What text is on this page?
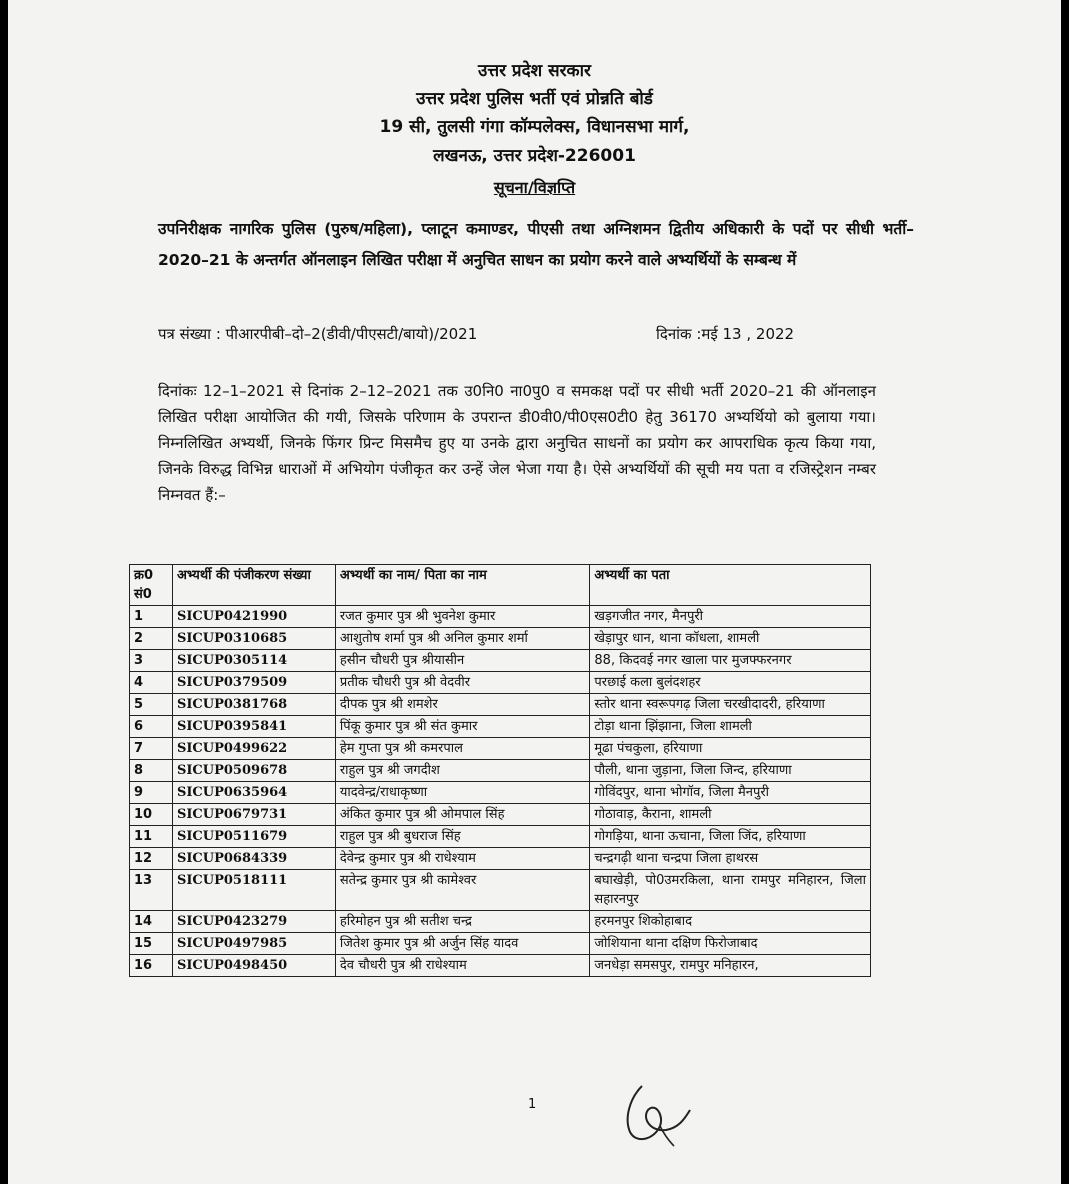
उत्तर प्रदेश सरकार
उत्तर प्रदेश पुलिस भर्ती एवं प्रोन्नति बोर्ड
19 सी, तुलसी गंगा कॉम्पलेक्स, विधानसभा मार्ग,
लखनऊ, उत्तर प्रदेश-226001
सूचना/विज्ञप्ति
उपनिरीक्षक नागरिक पुलिस (पुरुष/महिला), प्लाटून कमाण्डर, पीएसी तथा अग्निशमन द्वितीय अधिकारी के पदों पर सीधी भर्ती–2020–21 के अन्तर्गत ऑनलाइन लिखित परीक्षा में अनुचित साधन का प्रयोग करने वाले अभ्यर्थियों के सम्बन्ध में
पत्र संख्या : पीआरपीबी–दो–2(डीवी/पीएसटी/बायो)/2021	दिनांक :मई 13 , 2022
दिनांकः 12–1–2021 से दिनांक 2–12–2021 तक उ0नि0 ना0पु0 व समकक्ष पदों पर सीधी भर्ती 2020–21 की ऑनलाइन लिखित परीक्षा आयोजित की गयी, जिसके परिणाम के उपरान्त डी0वी0/पी0एस0टी0 हेतु 36170 अभ्यर्थियो को बुलाया गया। निम्नलिखित अभ्यर्थी, जिनके फिंगर प्रिन्ट मिसमैच हुए या उनके द्वारा अनुचित साधनों का प्रयोग कर आपराधिक कृत्य किया गया, जिनके विरुद्ध विभिन्न धाराओं में अभियोग पंजीकृत कर उन्हें जेल भेजा गया है। ऐसे अभ्यर्थियों की सूची मय पता व रजिस्ट्रेशन नम्बर निम्नवत हैं:–
क्र0 सं0	अभ्यर्थी की पंजीकरण संख्या	अभ्यर्थी का नाम/ पिता का नाम	अभ्यर्थी का पता
1	SICUP0421990	रजत कुमार पुत्र श्री भुवनेश कुमार	खड़गजीत नगर, मैनपुरी
2	SICUP0310685	आशुतोष शर्मा पुत्र श्री अनिल कुमार शर्मा	खेड़ापुर धान, थाना कॉधला, शामली
3	SICUP0305114	हसीन चौधरी पुत्र श्रीयासीन	88, किदवई नगर खाला पार मुजफ्फरनगर
4	SICUP0379509	प्रतीक चौधरी पुत्र श्री वेदवीर	परछाई कला बुलंदशहर
5	SICUP0381768	दीपक पुत्र श्री शमशेर	स्तोर थाना स्वरूपगढ़ जिला चरखीदादरी, हरियाणा
6	SICUP0395841	पिंकू कुमार पुत्र श्री संत कुमार	टोड़ा थाना झिंझाना, जिला शामली
7	SICUP0499622	हेम गुप्ता पुत्र श्री कमरपाल	मूढा पंचकुला, हरियाणा
8	SICUP0509678	राहुल पुत्र श्री जगदीश	पौली, थाना जुड़ाना, जिला जिन्द, हरियाणा
9	SICUP0635964	यादवेन्द्र/राधाकृष्णा	गोविंदपुर, थाना भोगॉव, जिला मैनपुरी
10	SICUP0679731	अंकित कुमार पुत्र श्री ओमपाल सिंह	गोठावाड़, कैराना, शामली
11	SICUP0511679	राहुल पुत्र श्री बुधराज सिंह	गोगड़िया, थाना ऊचाना, जिला जिंद, हरियाणा
12	SICUP0684339	देवेन्द्र कुमार पुत्र श्री राधेश्याम	चन्द्रगढ़ी थाना चन्द्रपा जिला हाथरस
13	SICUP0518111	सतेन्द्र कुमार पुत्र श्री कामेश्वर	बघाखेड़ी, पो0उमरकिला, थाना रामपुर मनिहारन, जिला सहारनपुर
14	SICUP0423279	हरिमोहन पुत्र श्री सतीश चन्द्र	हरमनपुर शिकोहाबाद
15	SICUP0497985	जितेश कुमार पुत्र श्री अर्जुन सिंह यादव	जोशियाना थाना दक्षिण फिरोजाबाद
16	SICUP0498450	देव चौधरी पुत्र श्री राधेश्याम	जनधेड़ा समसपुर, रामपुर मनिहारन,
1
